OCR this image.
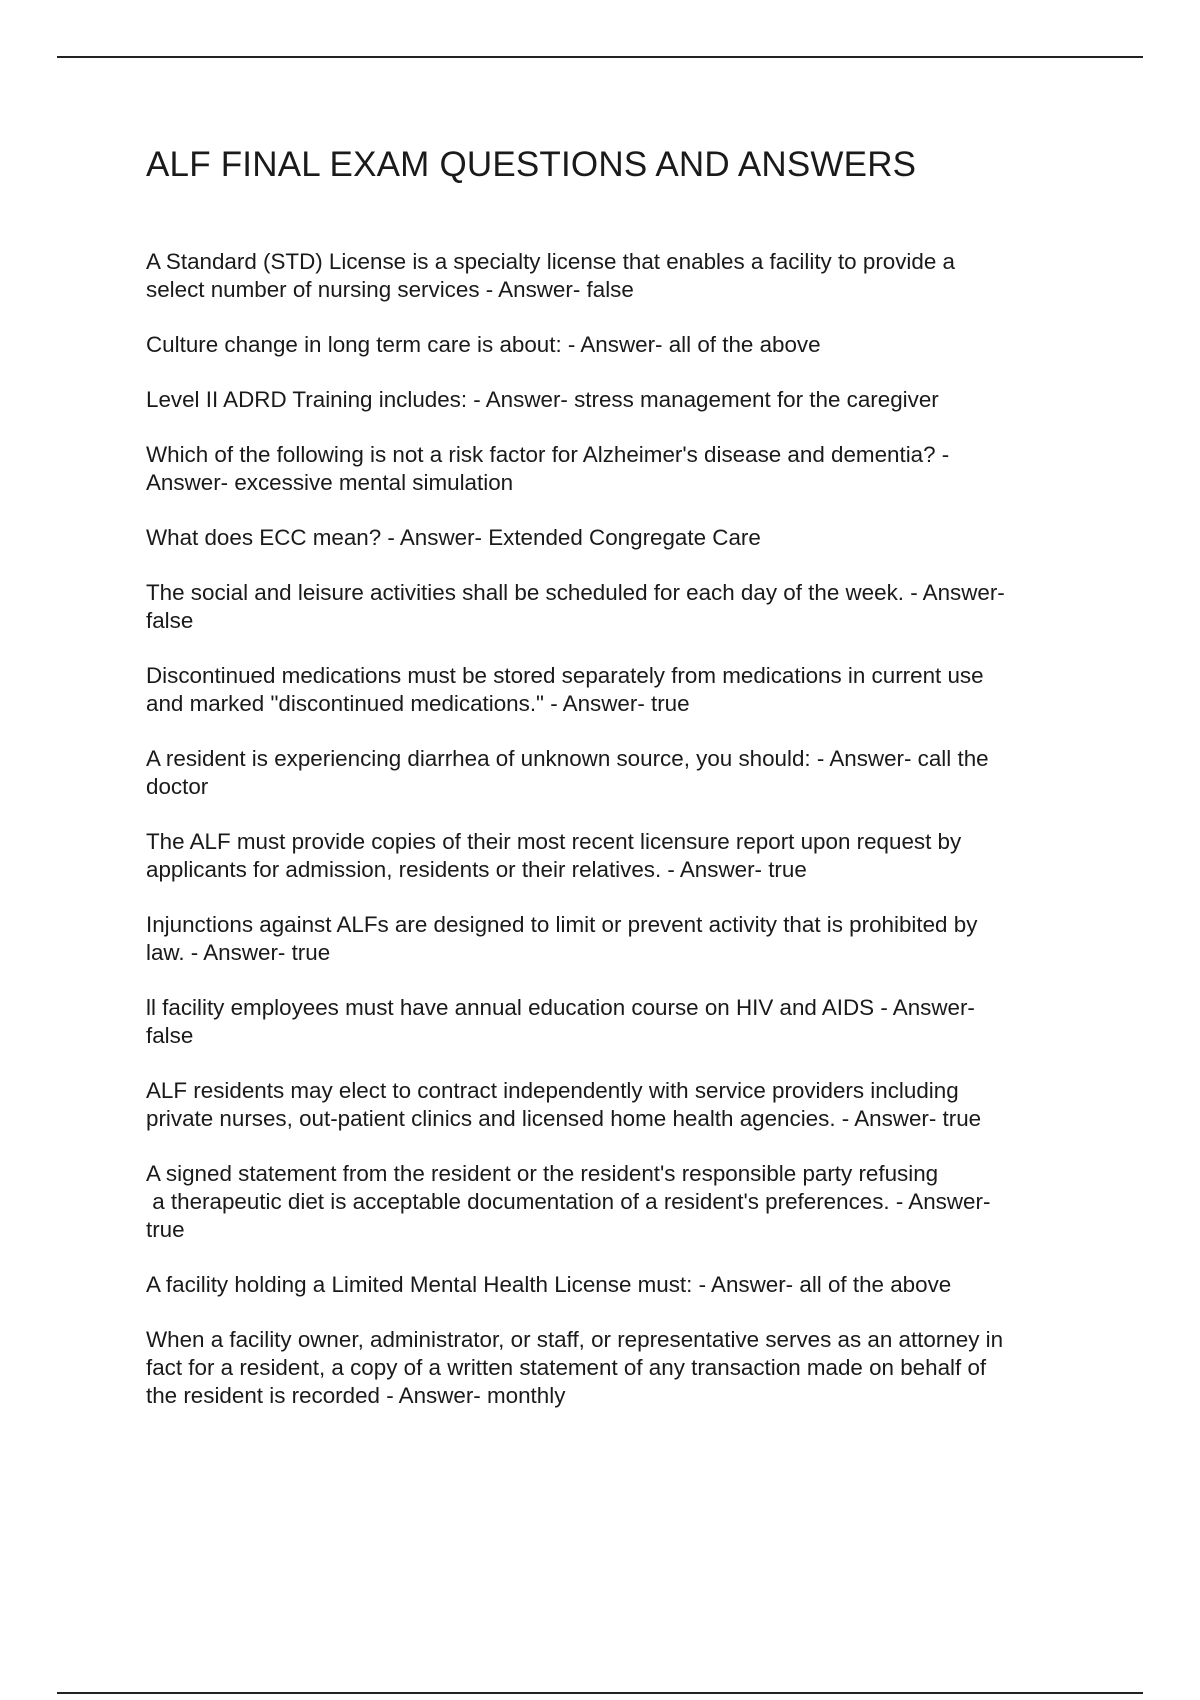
ALF FINAL EXAM QUESTIONS AND ANSWERS
A Standard (STD) License is a specialty license that enables a facility to provide a
select number of nursing services - Answer- false
Culture change in long term care is about: - Answer- all of the above
Level II ADRD Training includes: - Answer- stress management for the caregiver
Which of the following is not a risk factor for Alzheimer's disease and dementia? -
Answer- excessive mental simulation
What does ECC mean? - Answer- Extended Congregate Care
The social and leisure activities shall be scheduled for each day of the week. - Answer-
false
Discontinued medications must be stored separately from medications in current use
and marked "discontinued medications." - Answer- true
A resident is experiencing diarrhea of unknown source, you should: - Answer- call the
doctor
The ALF must provide copies of their most recent licensure report upon request by
applicants for admission, residents or their relatives. - Answer- true
Injunctions against ALFs are designed to limit or prevent activity that is prohibited by
law. - Answer- true
ll facility employees must have annual education course on HIV and AIDS - Answer-
false
ALF residents may elect to contract independently with service providers including
private nurses, out-patient clinics and licensed home health agencies. - Answer- true
A signed statement from the resident or the resident's responsible party refusing
a therapeutic diet is acceptable documentation of a resident's preferences. - Answer-
true
A facility holding a Limited Mental Health License must: - Answer- all of the above
When a facility owner, administrator, or staff, or representative serves as an attorney in
fact for a resident, a copy of a written statement of any transaction made on behalf of
the resident is recorded - Answer- monthly
